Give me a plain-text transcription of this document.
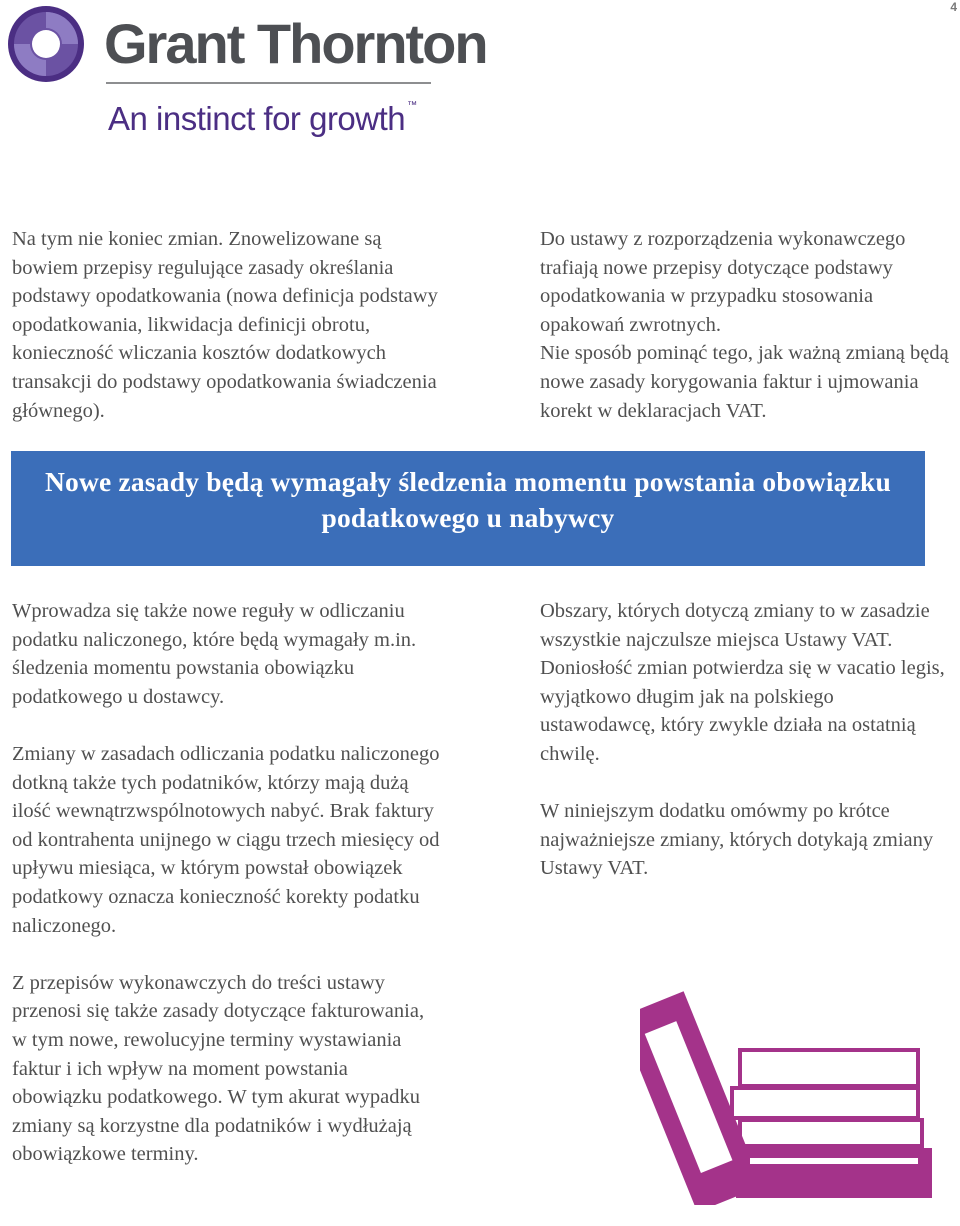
4
Grant Thornton
An instinct for growth ™

Na tym nie koniec zmian. Znowelizowane są bowiem przepisy regulujące zasady określania podstawy opodatkowania (nowa definicja podstawy opodatkowania, likwidacja definicji obrotu, konieczność wliczania kosztów dodatkowych transakcji do podstawy opodatkowania świadczenia głównego).

Do ustawy z rozporządzenia wykonawczego trafiają nowe przepisy dotyczące podstawy opodatkowania w przypadku stosowania opakowań zwrotnych.

Nie sposób pominąć tego, jak ważną zmianą będą nowe zasady korygowania faktur i ujmowania korekt w deklaracjach VAT.

Nowe zasady będą wymagały śledzenia momentu powstania obowiązku podatkowego u nabywcy

Wprowadza się także nowe reguły w odliczaniu podatku naliczonego, które będą wymagały m.in. śledzenia momentu powstania obowiązku podatkowego u dostawcy.

Zmiany w zasadach odliczania podatku naliczonego dotkną także tych podatników, którzy mają dużą ilość wewnątrzwspólnotowych nabyć. Brak faktury od kontrahenta unijnego w ciągu trzech miesięcy od upływu miesiąca, w którym powstał obowiązek podatkowy oznacza konieczność korekty podatku naliczonego.

Z przepisów wykonawczych do treści ustawy przenosi się także zasady dotyczące fakturowania, w tym nowe, rewolucyjne terminy wystawiania faktur i ich wpływ na moment powstania obowiązku podatkowego. W tym akurat wypadku zmiany są korzystne dla podatników i wydłużają obowiązkowe terminy.

Obszary, których dotyczą zmiany to w zasadzie wszystkie najczulsze miejsca Ustawy VAT. Doniosłość zmian potwierdza się w vacatio legis, wyjątkowo długim jak na polskiego ustawodawcę, który zwykle działa na ostatnią chwilę.

W niniejszym dodatku omówmy po krótce najważniejsze zmiany, których dotykają zmiany Ustawy VAT.
